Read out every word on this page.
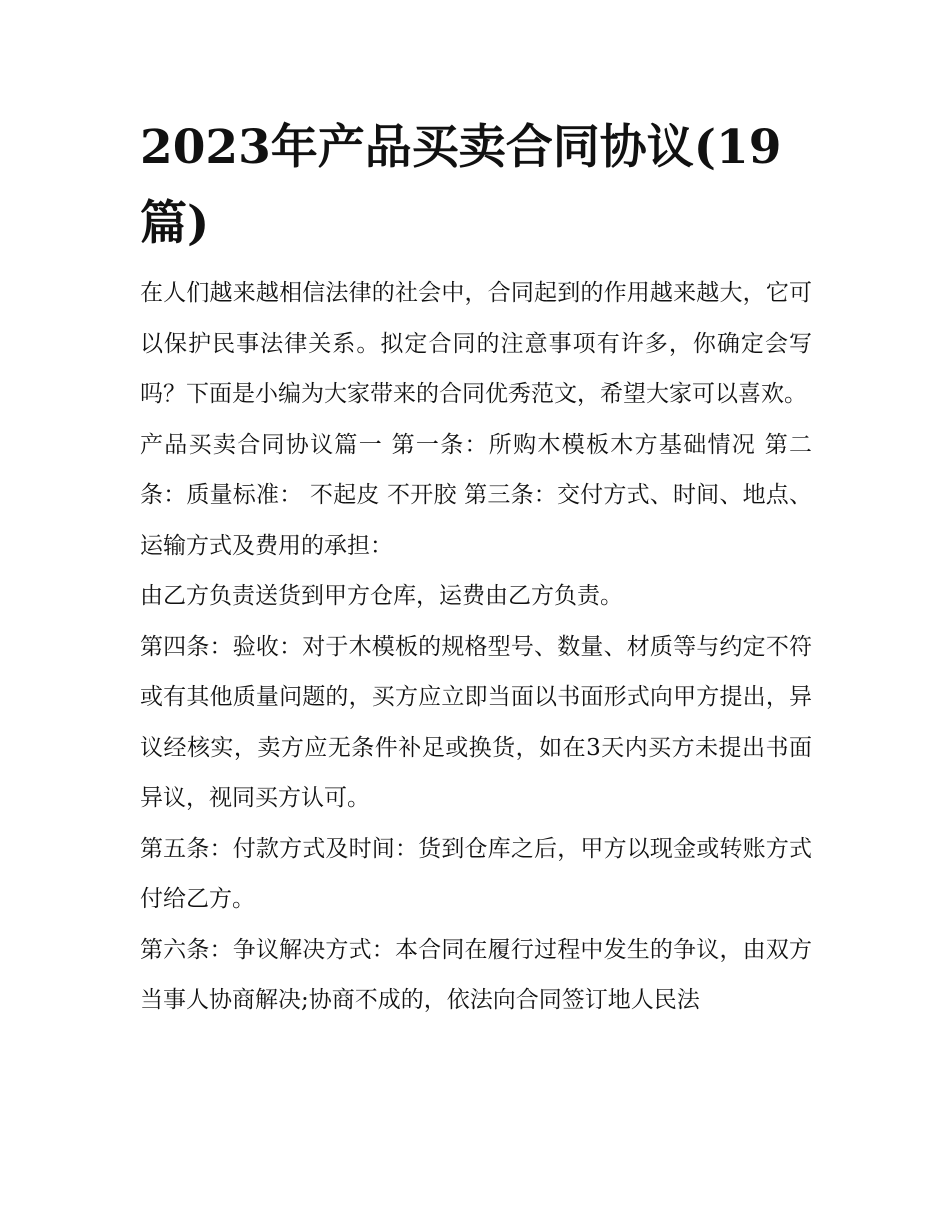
2023年产品买卖合同协议(19篇)

在人们越来越相信法律的社会中，合同起到的作用越来越大，它可以保护民事法律关系。拟定合同的注意事项有许多，你确定会写吗？下面是小编为大家带来的合同优秀范文，希望大家可以喜欢。

产品买卖合同协议篇一 第一条：所购木模板木方基础情况 第二条：质量标准： 不起皮 不开胶 第三条：交付方式、时间、地点、运输方式及费用的承担：

由乙方负责送货到甲方仓库，运费由乙方负责。

第四条：验收：对于木模板的规格型号、数量、材质等与约定不符或有其他质量问题的，买方应立即当面以书面形式向甲方提出，异议经核实，卖方应无条件补足或换货，如在3天内买方未提出书面异议，视同买方认可。

第五条：付款方式及时间：货到仓库之后，甲方以现金或转账方式付给乙方。

第六条：争议解决方式：本合同在履行过程中发生的争议，由双方当事人协商解决;协商不成的，依法向合同签订地人民法
